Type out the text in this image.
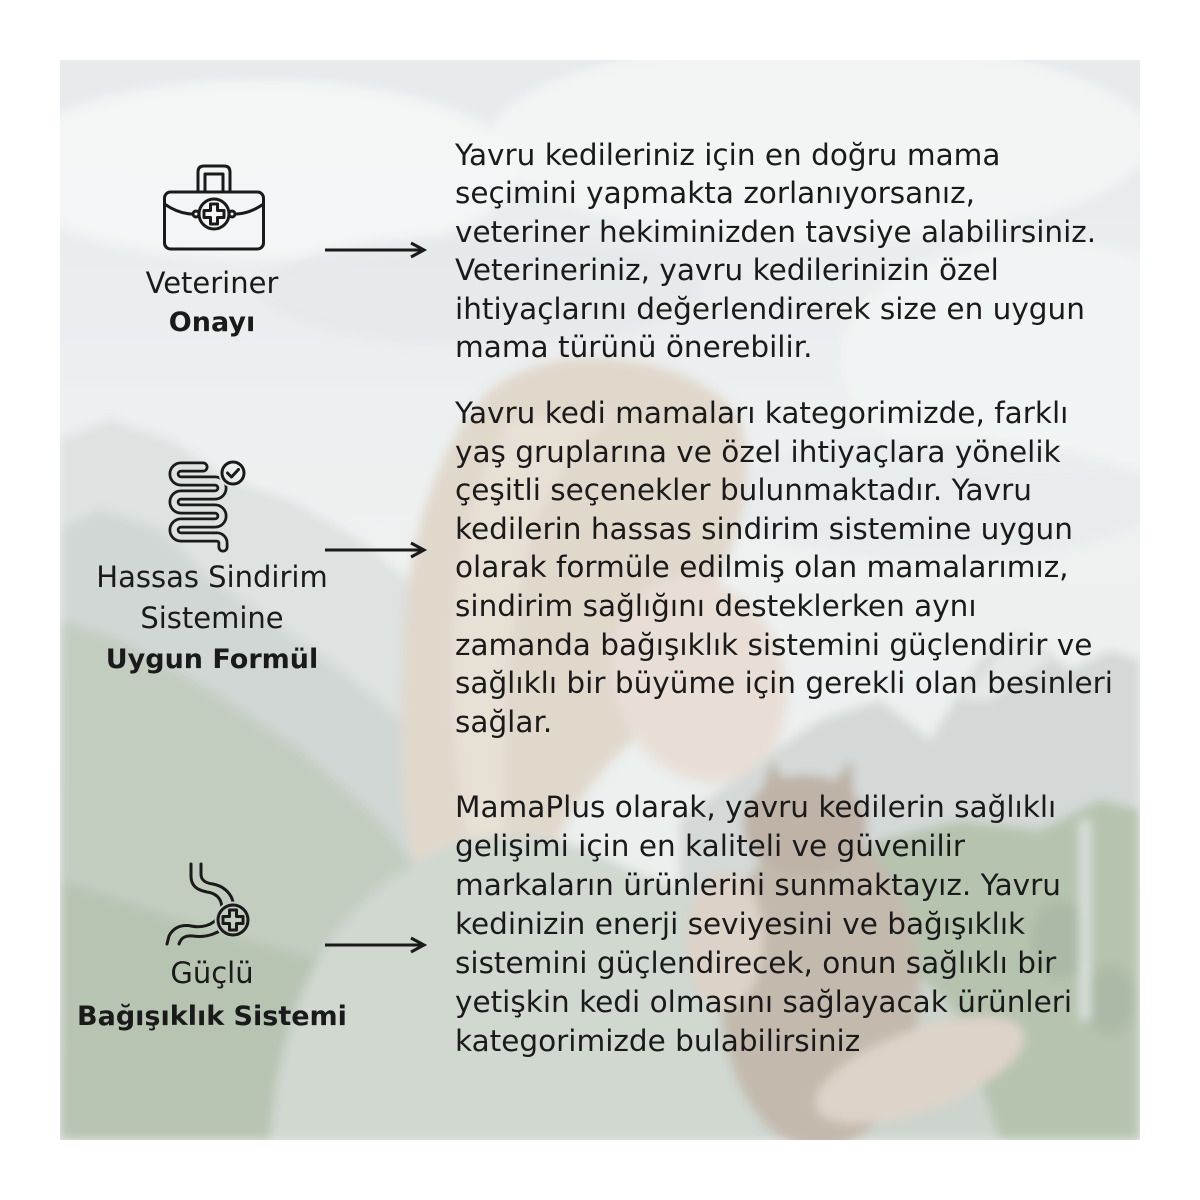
Veteriner
Onayı
Hassas Sindirim
Sistemine
Uygun Formül
Güçlü
Bağışıklık Sistemi
Yavru kedileriniz için en doğru mama
seçimini yapmakta zorlanıyorsanız,
veteriner hekiminizden tavsiye alabilirsiniz.
Veterineriniz, yavru kedilerinizin özel
ihtiyaçlarını değerlendirerek size en uygun
mama türünü önerebilir.
Yavru kedi mamaları kategorimizde, farklı
yaş gruplarına ve özel ihtiyaçlara yönelik
çeşitli seçenekler bulunmaktadır. Yavru
kedilerin hassas sindirim sistemine uygun
olarak formüle edilmiş olan mamalarımız,
sindirim sağlığını desteklerken aynı
zamanda bağışıklık sistemini güçlendirir ve
sağlıklı bir büyüme için gerekli olan besinleri
sağlar.
MamaPlus olarak, yavru kedilerin sağlıklı
gelişimi için en kaliteli ve güvenilir
markaların ürünlerini sunmaktayız. Yavru
kedinizin enerji seviyesini ve bağışıklık
sistemini güçlendirecek, onun sağlıklı bir
yetişkin kedi olmasını sağlayacak ürünleri
kategorimizde bulabilirsiniz
